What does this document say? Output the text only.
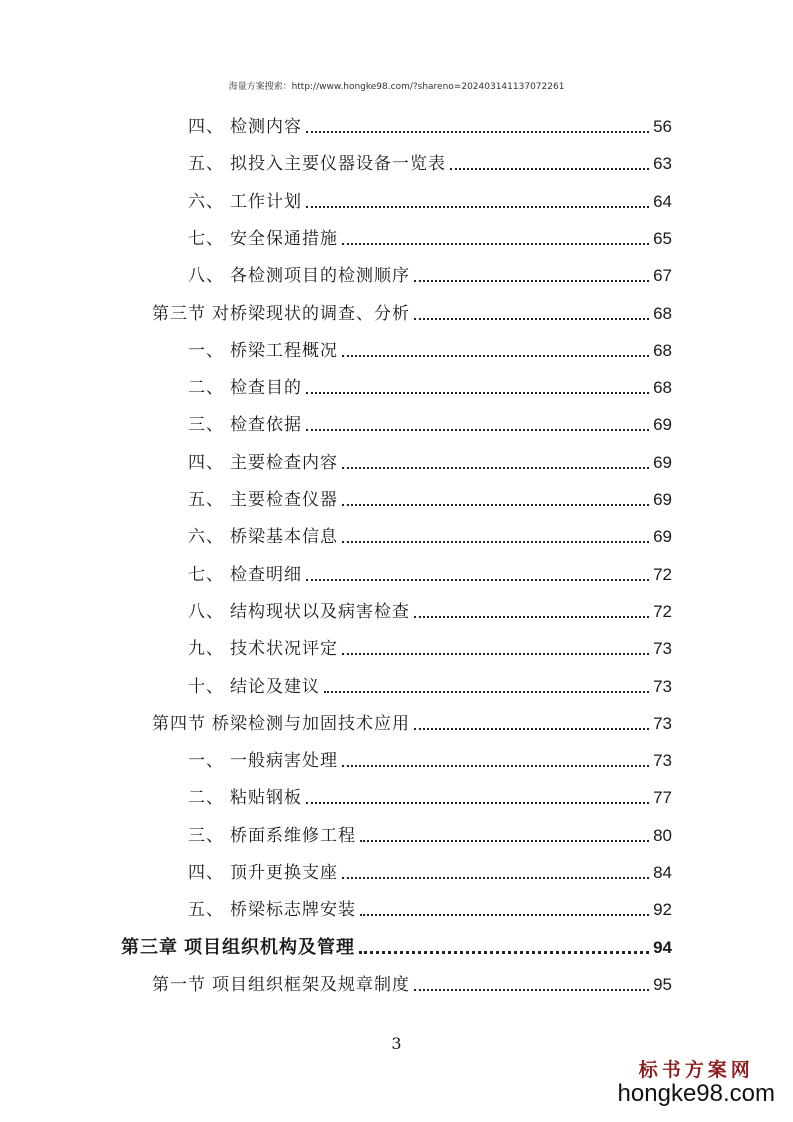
海量方案搜索：http://www.hongke98.com/?shareno=202403141137072261
四、 检测内容	56
五、 拟投入主要仪器设备一览表	63
六、 工作计划	64
七、 安全保通措施	65
八、 各检测项目的检测顺序	67
第三节 对桥梁现状的调查、分析	68
一、 桥梁工程概况	68
二、 检查目的	68
三、 检查依据	69
四、 主要检查内容	69
五、 主要检查仪器	69
六、 桥梁基本信息	69
七、 检查明细	72
八、 结构现状以及病害检查	72
九、 技术状况评定	73
十、 结论及建议	73
第四节 桥梁检测与加固技术应用	73
一、 一般病害处理	73
二、 粘贴钢板	77
三、 桥面系维修工程	80
四、 顶升更换支座	84
五、 桥梁标志牌安装	92
第三章 项目组织机构及管理	94
第一节 项目组织框架及规章制度	95
3
标书方案网
hongke98.com
